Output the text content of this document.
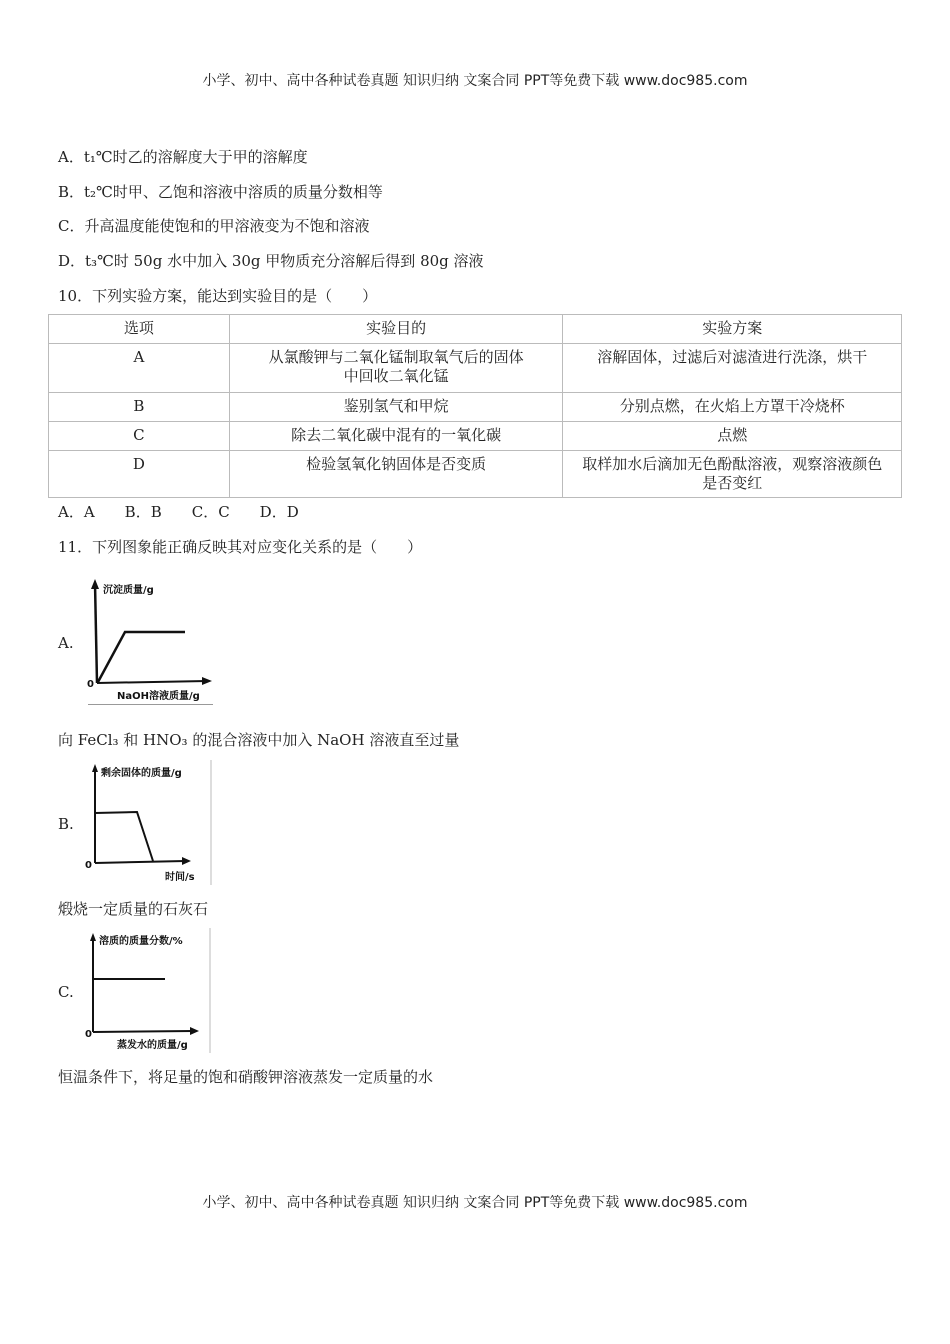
小学、初中、高中各种试卷真题 知识归纳 文案合同 PPT等免费下载 www.doc985.com
A．t₁℃时乙的溶解度大于甲的溶解度
B．t₂℃时甲、乙饱和溶液中溶质的质量分数相等
C．升高温度能使饱和的甲溶液变为不饱和溶液
D．t₃℃时 50g 水中加入 30g 甲物质充分溶解后得到 80g 溶液
10．下列实验方案，能达到实验目的是（　　）
选项	实验目的	实验方案
A	从氯酸钾与二氧化锰制取氧气后的固体中回收二氧化锰	溶解固体，过滤后对滤渣进行洗涤，烘干
B	鉴别氢气和甲烷	分别点燃，在火焰上方罩干冷烧杯
C	除去二氧化碳中混有的一氧化碳	点燃
D	检验氢氧化钠固体是否变质	取样加水后滴加无色酚酞溶液，观察溶液颜色是否变红
A．A　　B．B　　C．C　　D．D
11．下列图象能正确反映其对应变化关系的是（　　）
A.
沉淀质量/g
0
NaOH溶液质量/g
向 FeCl₃ 和 HNO₃ 的混合溶液中加入 NaOH 溶液直至过量
B.
剩余固体的质量/g
0
时间/s
煅烧一定质量的石灰石
C.
溶质的质量分数/%
0
蒸发水的质量/g
恒温条件下，将足量的饱和硝酸钾溶液蒸发一定质量的水
小学、初中、高中各种试卷真题 知识归纳 文案合同 PPT等免费下载 www.doc985.com
